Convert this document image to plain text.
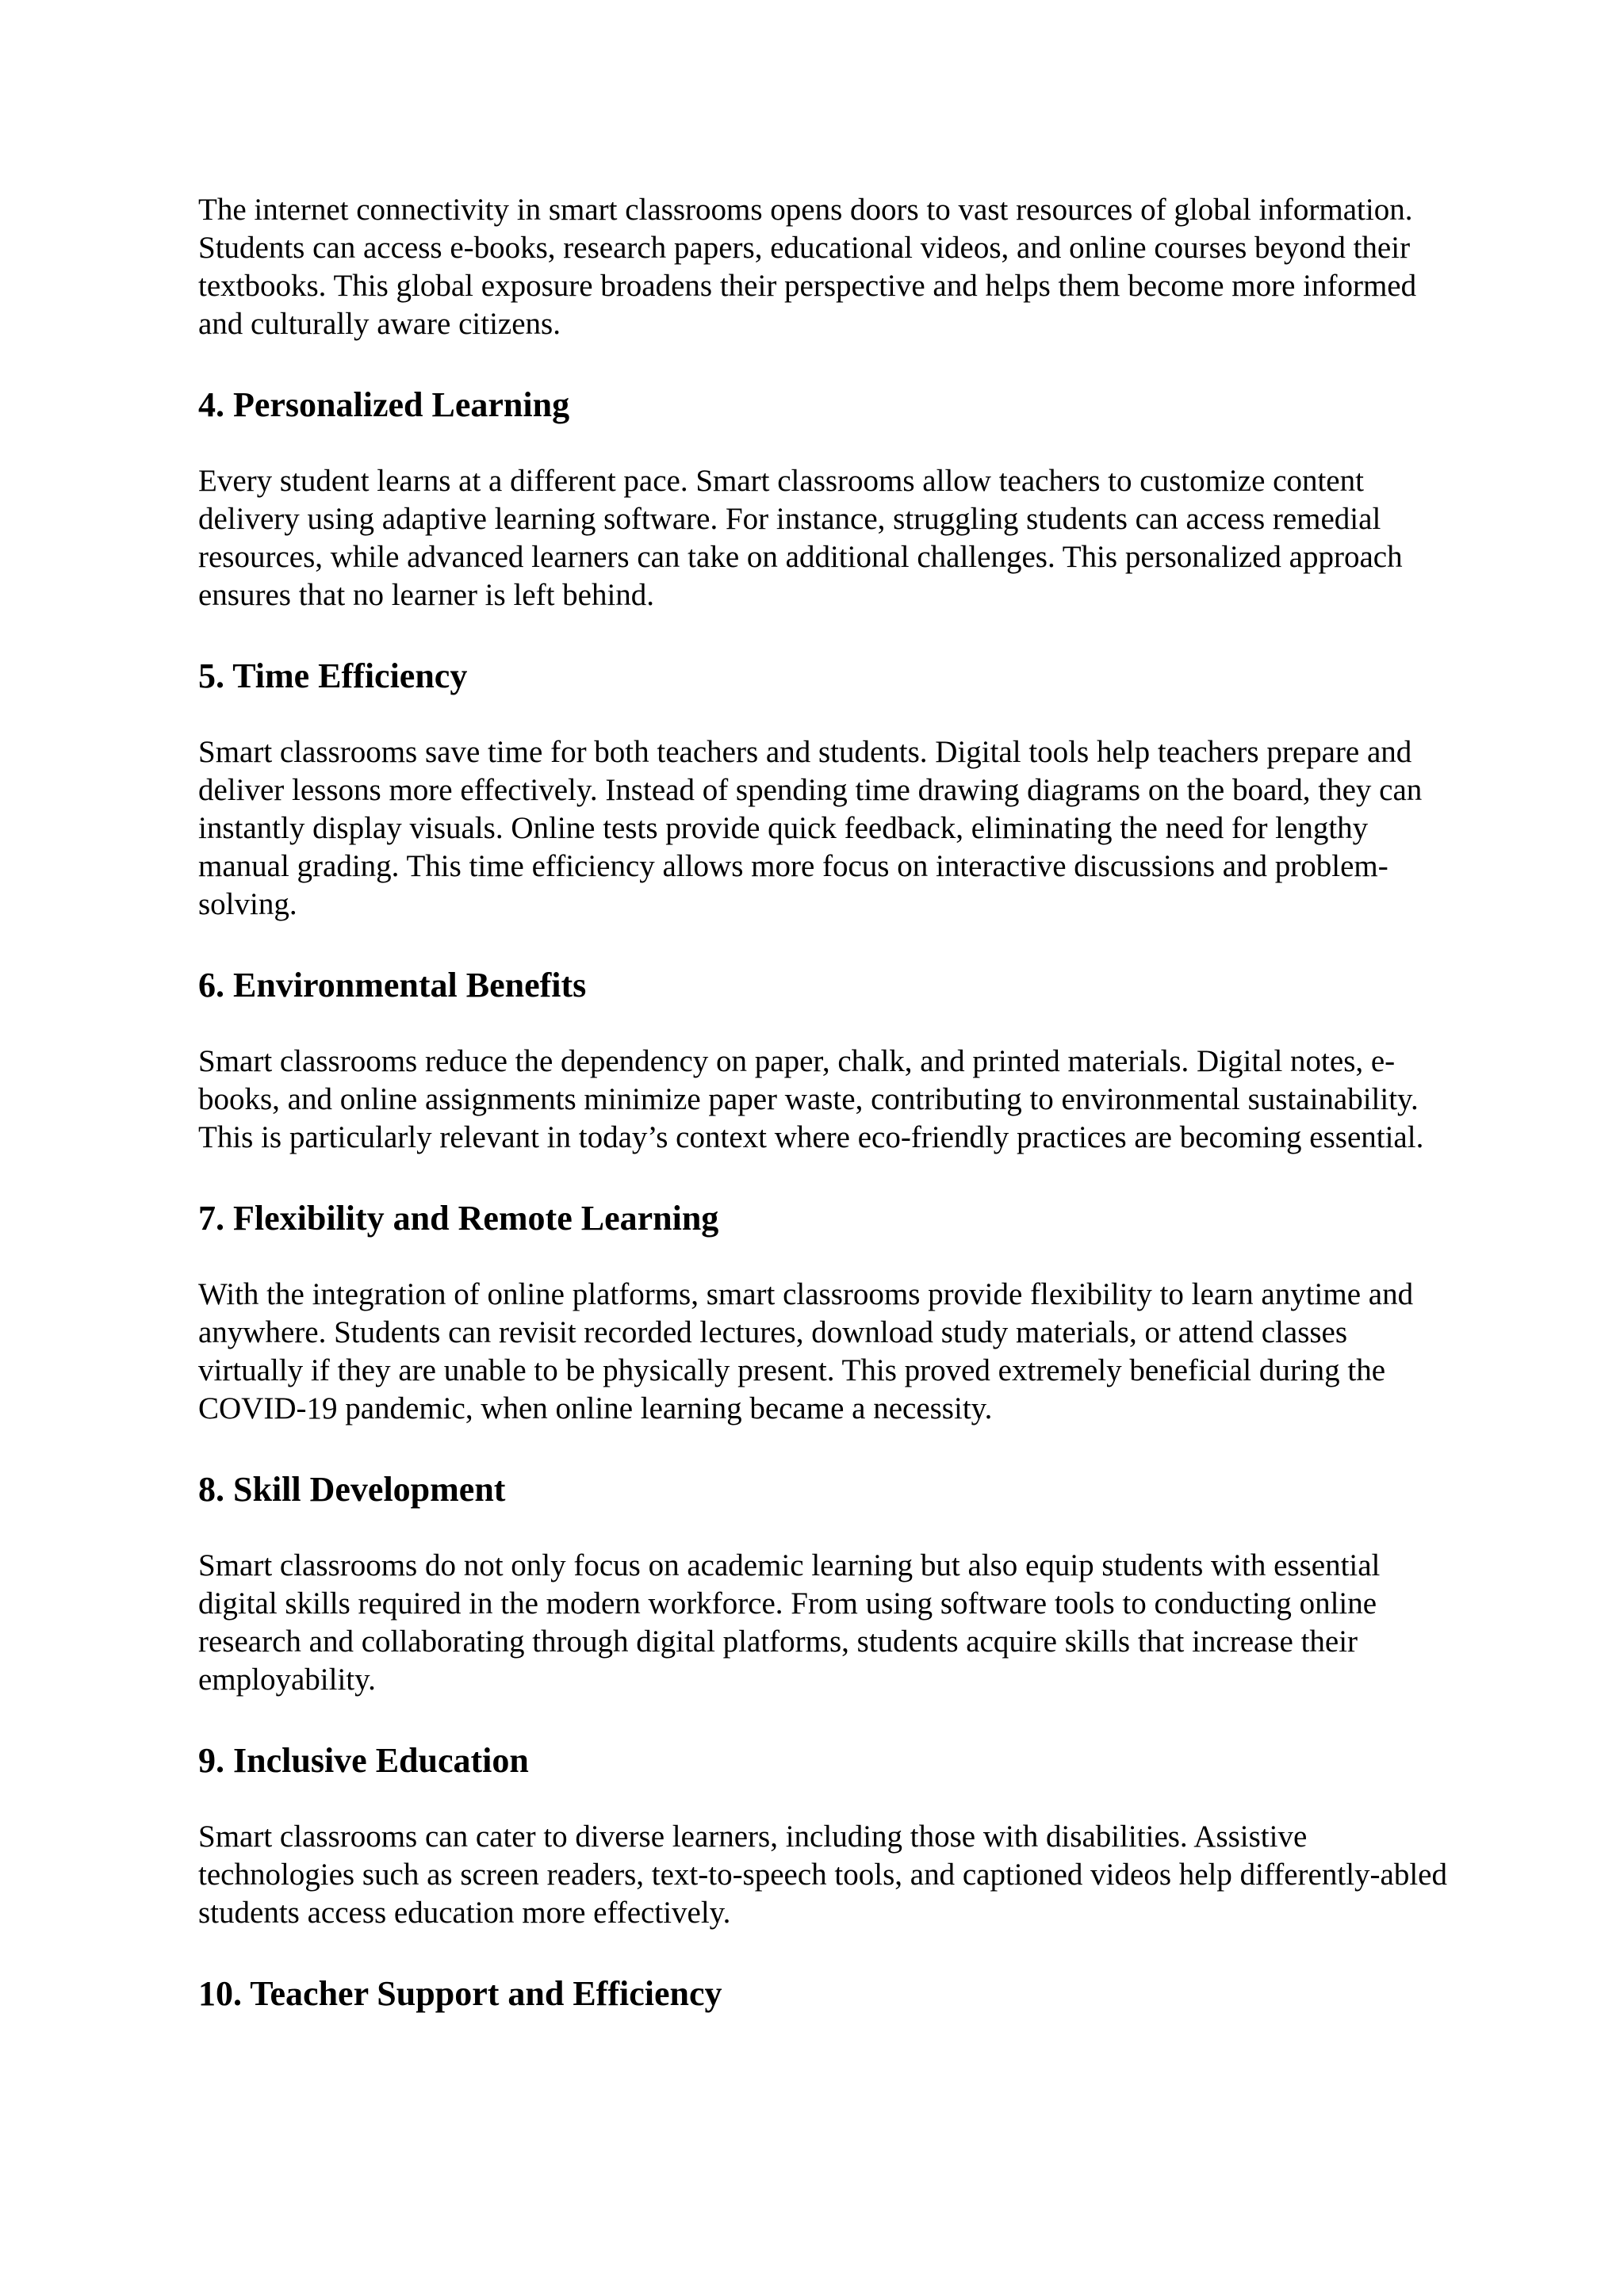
The internet connectivity in smart classrooms opens doors to vast resources of global information. Students can access e-books, research papers, educational videos, and online courses beyond their textbooks. This global exposure broadens their perspective and helps them become more informed and culturally aware citizens.

4. Personalized Learning

Every student learns at a different pace. Smart classrooms allow teachers to customize content delivery using adaptive learning software. For instance, struggling students can access remedial resources, while advanced learners can take on additional challenges. This personalized approach ensures that no learner is left behind.

5. Time Efficiency

Smart classrooms save time for both teachers and students. Digital tools help teachers prepare and deliver lessons more effectively. Instead of spending time drawing diagrams on the board, they can instantly display visuals. Online tests provide quick feedback, eliminating the need for lengthy manual grading. This time efficiency allows more focus on interactive discussions and problem-solving.

6. Environmental Benefits

Smart classrooms reduce the dependency on paper, chalk, and printed materials. Digital notes, e-books, and online assignments minimize paper waste, contributing to environmental sustainability. This is particularly relevant in today’s context where eco-friendly practices are becoming essential.

7. Flexibility and Remote Learning

With the integration of online platforms, smart classrooms provide flexibility to learn anytime and anywhere. Students can revisit recorded lectures, download study materials, or attend classes virtually if they are unable to be physically present. This proved extremely beneficial during the COVID-19 pandemic, when online learning became a necessity.

8. Skill Development

Smart classrooms do not only focus on academic learning but also equip students with essential digital skills required in the modern workforce. From using software tools to conducting online research and collaborating through digital platforms, students acquire skills that increase their employability.

9. Inclusive Education

Smart classrooms can cater to diverse learners, including those with disabilities. Assistive technologies such as screen readers, text-to-speech tools, and captioned videos help differently-abled students access education more effectively.

10. Teacher Support and Efficiency
